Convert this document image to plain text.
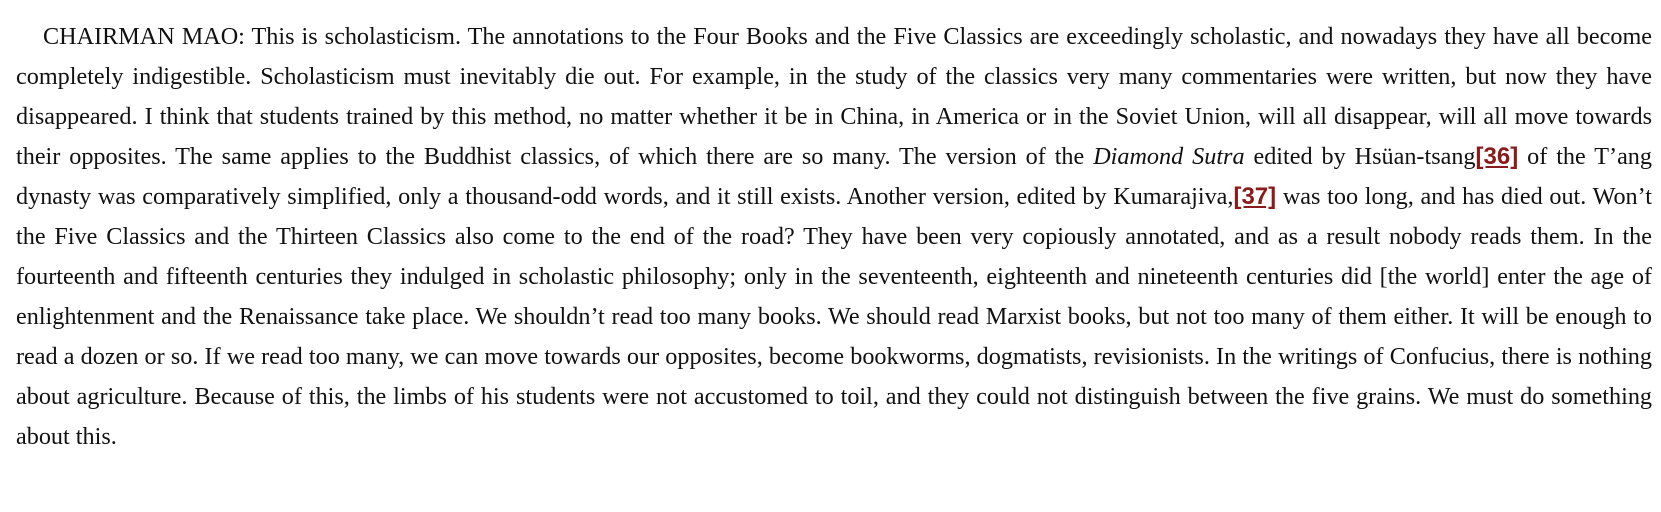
CHAIRMAN MAO: This is scholasticism. The annotations to the Four Books and the Five Classics are exceedingly scholastic, and nowadays they have all become completely indigestible. Scholasticism must inevitably die out. For example, in the study of the classics very many commentaries were written, but now they have disappeared. I think that students trained by this method, no matter whether it be in China, in America or in the Soviet Union, will all disappear, will all move towards their opposites. The same applies to the Buddhist classics, of which there are so many. The version of the Diamond Sutra edited by Hsüan-tsang[36] of the T’ang dynasty was comparatively simplified, only a thousand-odd words, and it still exists. Another version, edited by Kumarajiva,[37] was too long, and has died out. Won’t the Five Classics and the Thirteen Classics also come to the end of the road? They have been very copiously annotated, and as a result nobody reads them. In the fourteenth and fifteenth centuries they indulged in scholastic philosophy; only in the seventeenth, eighteenth and nineteenth centuries did [the world] enter the age of enlightenment and the Renaissance take place. We shouldn’t read too many books. We should read Marxist books, but not too many of them either. It will be enough to read a dozen or so. If we read too many, we can move towards our opposites, become bookworms, dogmatists, revisionists. In the writings of Confucius, there is nothing about agriculture. Because of this, the limbs of his students were not accustomed to toil, and they could not distinguish between the five grains. We must do something about this.
